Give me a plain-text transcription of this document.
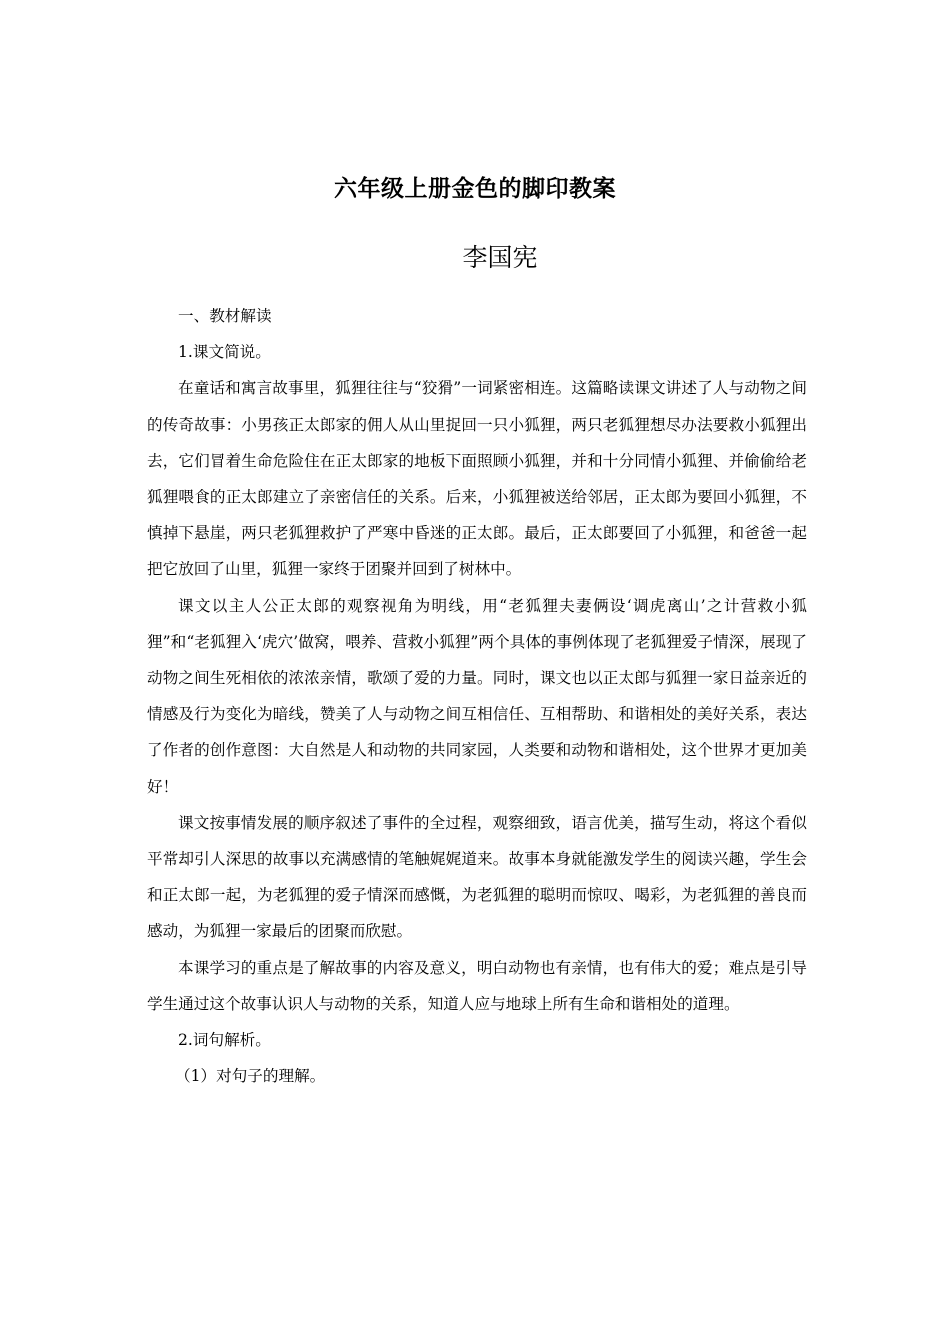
六年级上册金色的脚印教案
李国宪

一、教材解读

1.课文简说。

在童话和寓言故事里，狐狸往往与“狡猾”一词紧密相连。这篇略读课文讲述了人与动物之间的传奇故事：小男孩正太郎家的佣人从山里捉回一只小狐狸，两只老狐狸想尽办法要救小狐狸出去，它们冒着生命危险住在正太郎家的地板下面照顾小狐狸，并和十分同情小狐狸、并偷偷给老狐狸喂食的正太郎建立了亲密信任的关系。后来，小狐狸被送给邻居，正太郎为要回小狐狸，不慎掉下悬崖，两只老狐狸救护了严寒中昏迷的正太郎。最后，正太郎要回了小狐狸，和爸爸一起把它放回了山里，狐狸一家终于团聚并回到了树林中。

课文以主人公正太郎的观察视角为明线，用“老狐狸夫妻俩设‘调虎离山’之计营救小狐狸”和“老狐狸入‘虎穴’做窝，喂养、营救小狐狸”两个具体的事例体现了老狐狸爱子情深，展现了动物之间生死相依的浓浓亲情，歌颂了爱的力量。同时，课文也以正太郎与狐狸一家日益亲近的情感及行为变化为暗线，赞美了人与动物之间互相信任、互相帮助、和谐相处的美好关系，表达了作者的创作意图：大自然是人和动物的共同家园，人类要和动物和谐相处，这个世界才更加美好！

课文按事情发展的顺序叙述了事件的全过程，观察细致，语言优美，描写生动，将这个看似平常却引人深思的故事以充满感情的笔触娓娓道来。故事本身就能激发学生的阅读兴趣，学生会和正太郎一起，为老狐狸的爱子情深而感慨，为老狐狸的聪明而惊叹、喝彩，为老狐狸的善良而感动，为狐狸一家最后的团聚而欣慰。

本课学习的重点是了解故事的内容及意义，明白动物也有亲情，也有伟大的爱；难点是引导学生通过这个故事认识人与动物的关系，知道人应与地球上所有生命和谐相处的道理。

2.词句解析。

（1）对句子的理解。
